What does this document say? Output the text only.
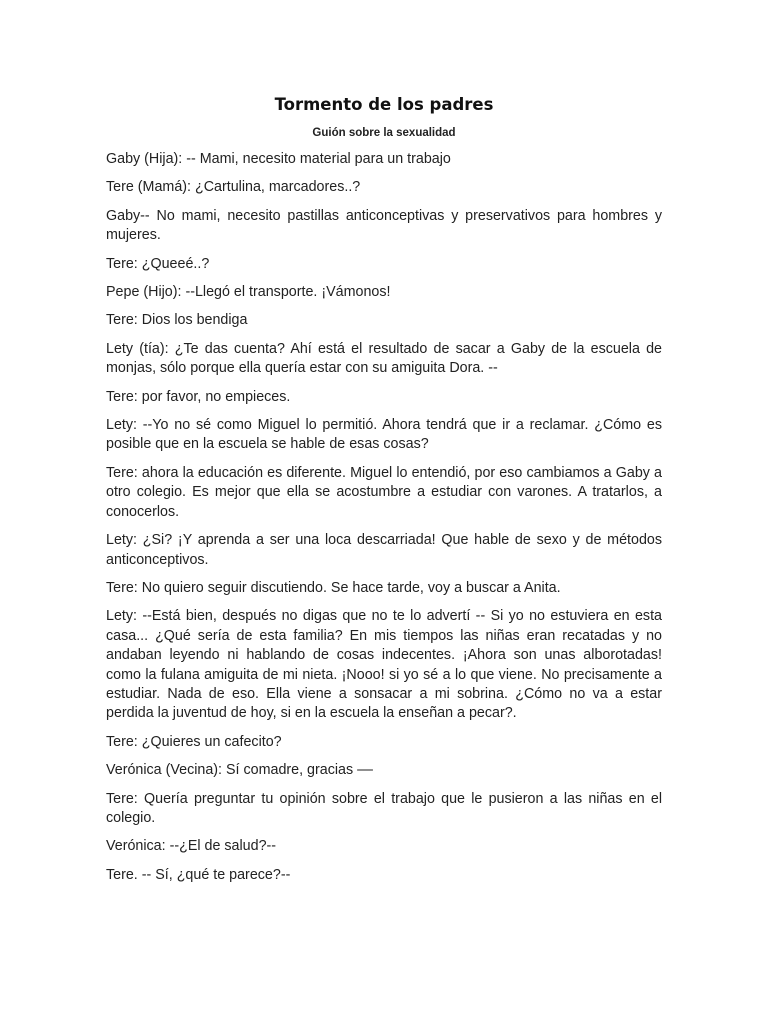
Tormento de los padres
Guión sobre la sexualidad

Gaby (Hija): -- Mami, necesito material para un trabajo

Tere (Mamá): ¿Cartulina, marcadores..?

Gaby-- No mami, necesito pastillas anticonceptivas y preservativos para hombres y mujeres.

Tere: ¿Queeé..?

Pepe (Hijo): --Llegó el transporte. ¡Vámonos!

Tere: Dios los bendiga

Lety (tía): ¿Te das cuenta? Ahí está el resultado de sacar a Gaby de la escuela de monjas, sólo porque ella quería estar con su amiguita Dora. --

Tere: por favor, no empieces.

Lety: --Yo no sé como Miguel lo permitió. Ahora tendrá que ir a reclamar. ¿Cómo es posible que en la escuela se hable de esas cosas?

Tere: ahora la educación es diferente. Miguel lo entendió, por eso cambiamos a Gaby a otro colegio. Es mejor que ella se acostumbre a estudiar con varones. A tratarlos, a conocerlos.

Lety: ¿Si? ¡Y aprenda a ser una loca descarriada! Que hable de sexo y de métodos anticonceptivos.

Tere: No quiero seguir discutiendo. Se hace tarde, voy a buscar a Anita.

Lety: --Está bien, después no digas que no te lo advertí -- Si yo no estuviera en esta casa... ¿Qué sería de esta familia? En mis tiempos las niñas eran recatadas y no andaban leyendo ni hablando de cosas indecentes. ¡Ahora son unas alborotadas! como la fulana amiguita de mi nieta. ¡Nooo! si yo sé a lo que viene. No precisamente a estudiar. Nada de eso. Ella viene a sonsacar a mi sobrina. ¿Cómo no va a estar perdida la juventud de hoy, si en la escuela la enseñan a pecar?.

Tere: ¿Quieres un cafecito?

Verónica (Vecina): Sí comadre, gracias ––

Tere: Quería preguntar tu opinión sobre el trabajo que le pusieron a las niñas en el colegio.

Verónica: --¿El de salud?--

Tere. -- Sí, ¿qué te parece?--
